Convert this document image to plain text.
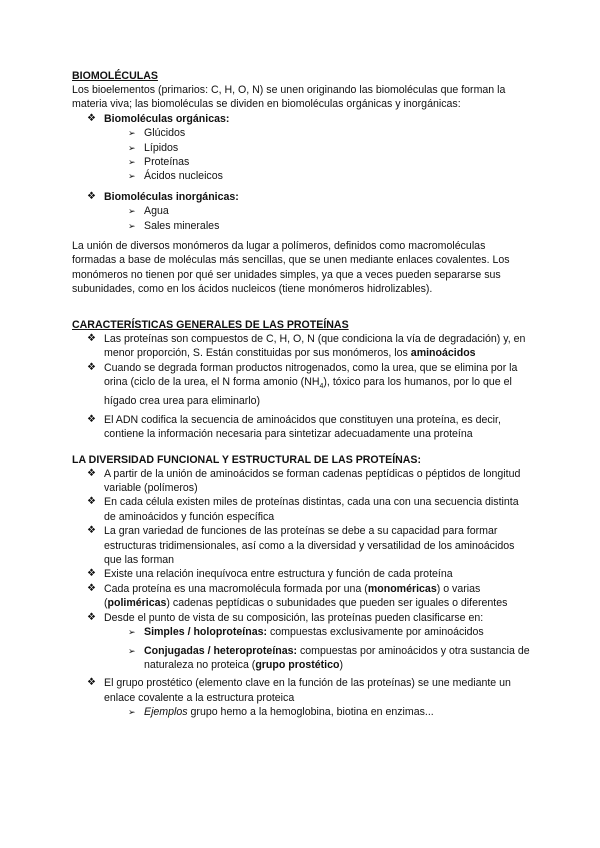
BIOMOLÉCULAS

Los bioelementos (primarios: C, H, O, N) se unen originando las biomoléculas que forman la materia viva; las biomoléculas se dividen en biomoléculas orgánicas y inorgánicas:

❖ Biomoléculas orgánicas:
➢ Glúcidos
➢ Lípidos
➢ Proteínas
➢ Ácidos nucleicos
❖ Biomoléculas inorgánicas:
➢ Agua
➢ Sales minerales

La unión de diversos monómeros da lugar a polímeros, definidos como macromoléculas formadas a base de moléculas más sencillas, que se unen mediante enlaces covalentes. Los monómeros no tienen por qué ser unidades simples, ya que a veces pueden separarse sus subunidades, como en los ácidos nucleicos (tiene monómeros hidrolizables).

CARACTERÍSTICAS GENERALES DE LAS PROTEÍNAS
❖ Las proteínas son compuestos de C, H, O, N (que condiciona la vía de degradación) y, en menor proporción, S. Están constituidas por sus monómeros, los aminoácidos
❖ Cuando se degrada forman productos nitrogenados, como la urea, que se elimina por la orina (ciclo de la urea, el N forma amonio $(NH_4)$, tóxico para los humanos, por lo que el hígado crea urea para eliminarlo)
❖ El ADN codifica la secuencia de aminoácidos que constituyen una proteína, es decir, contiene la información necesaria para sintetizar adecuadamente una proteína
LA DIVERSIDAD FUNCIONAL Y ESTRUCTURAL DE LAS PROTEÍNAS:
❖ A partir de la unión de aminoácidos se forman cadenas peptídicas o péptidos de longitud variable (polímeros)
❖ En cada célula existen miles de proteínas distintas, cada una con una secuencia distinta de aminoácidos y función específica
❖ La gran variedad de funciones de las proteínas se debe a su capacidad para formar estructuras tridimensionales, así como a la diversidad y versatilidad de los aminoácidos que las forman
❖ Existe una relación inequívoca entre estructura y función de cada proteína
❖ Cada proteína es una macromolécula formada por una (monoméricas) o varias (poliméricas) cadenas peptídicas o subunidades que pueden ser iguales o diferentes
❖ Desde el punto de vista de su composición, las proteínas pueden clasificarse en:
➢ Simples / holoproteínas: compuestas exclusivamente por aminoácidos
➢ Conjugadas / heteroproteínas: compuestas por aminoácidos y otra sustancia de naturaleza no proteica (grupo prostético)
❖ El grupo prostético (elemento clave en la función de las proteínas) se une mediante un enlace covalente a la estructura proteica
➢ Ejemplos grupo hemo a la hemoglobina, biotina en enzimas...
